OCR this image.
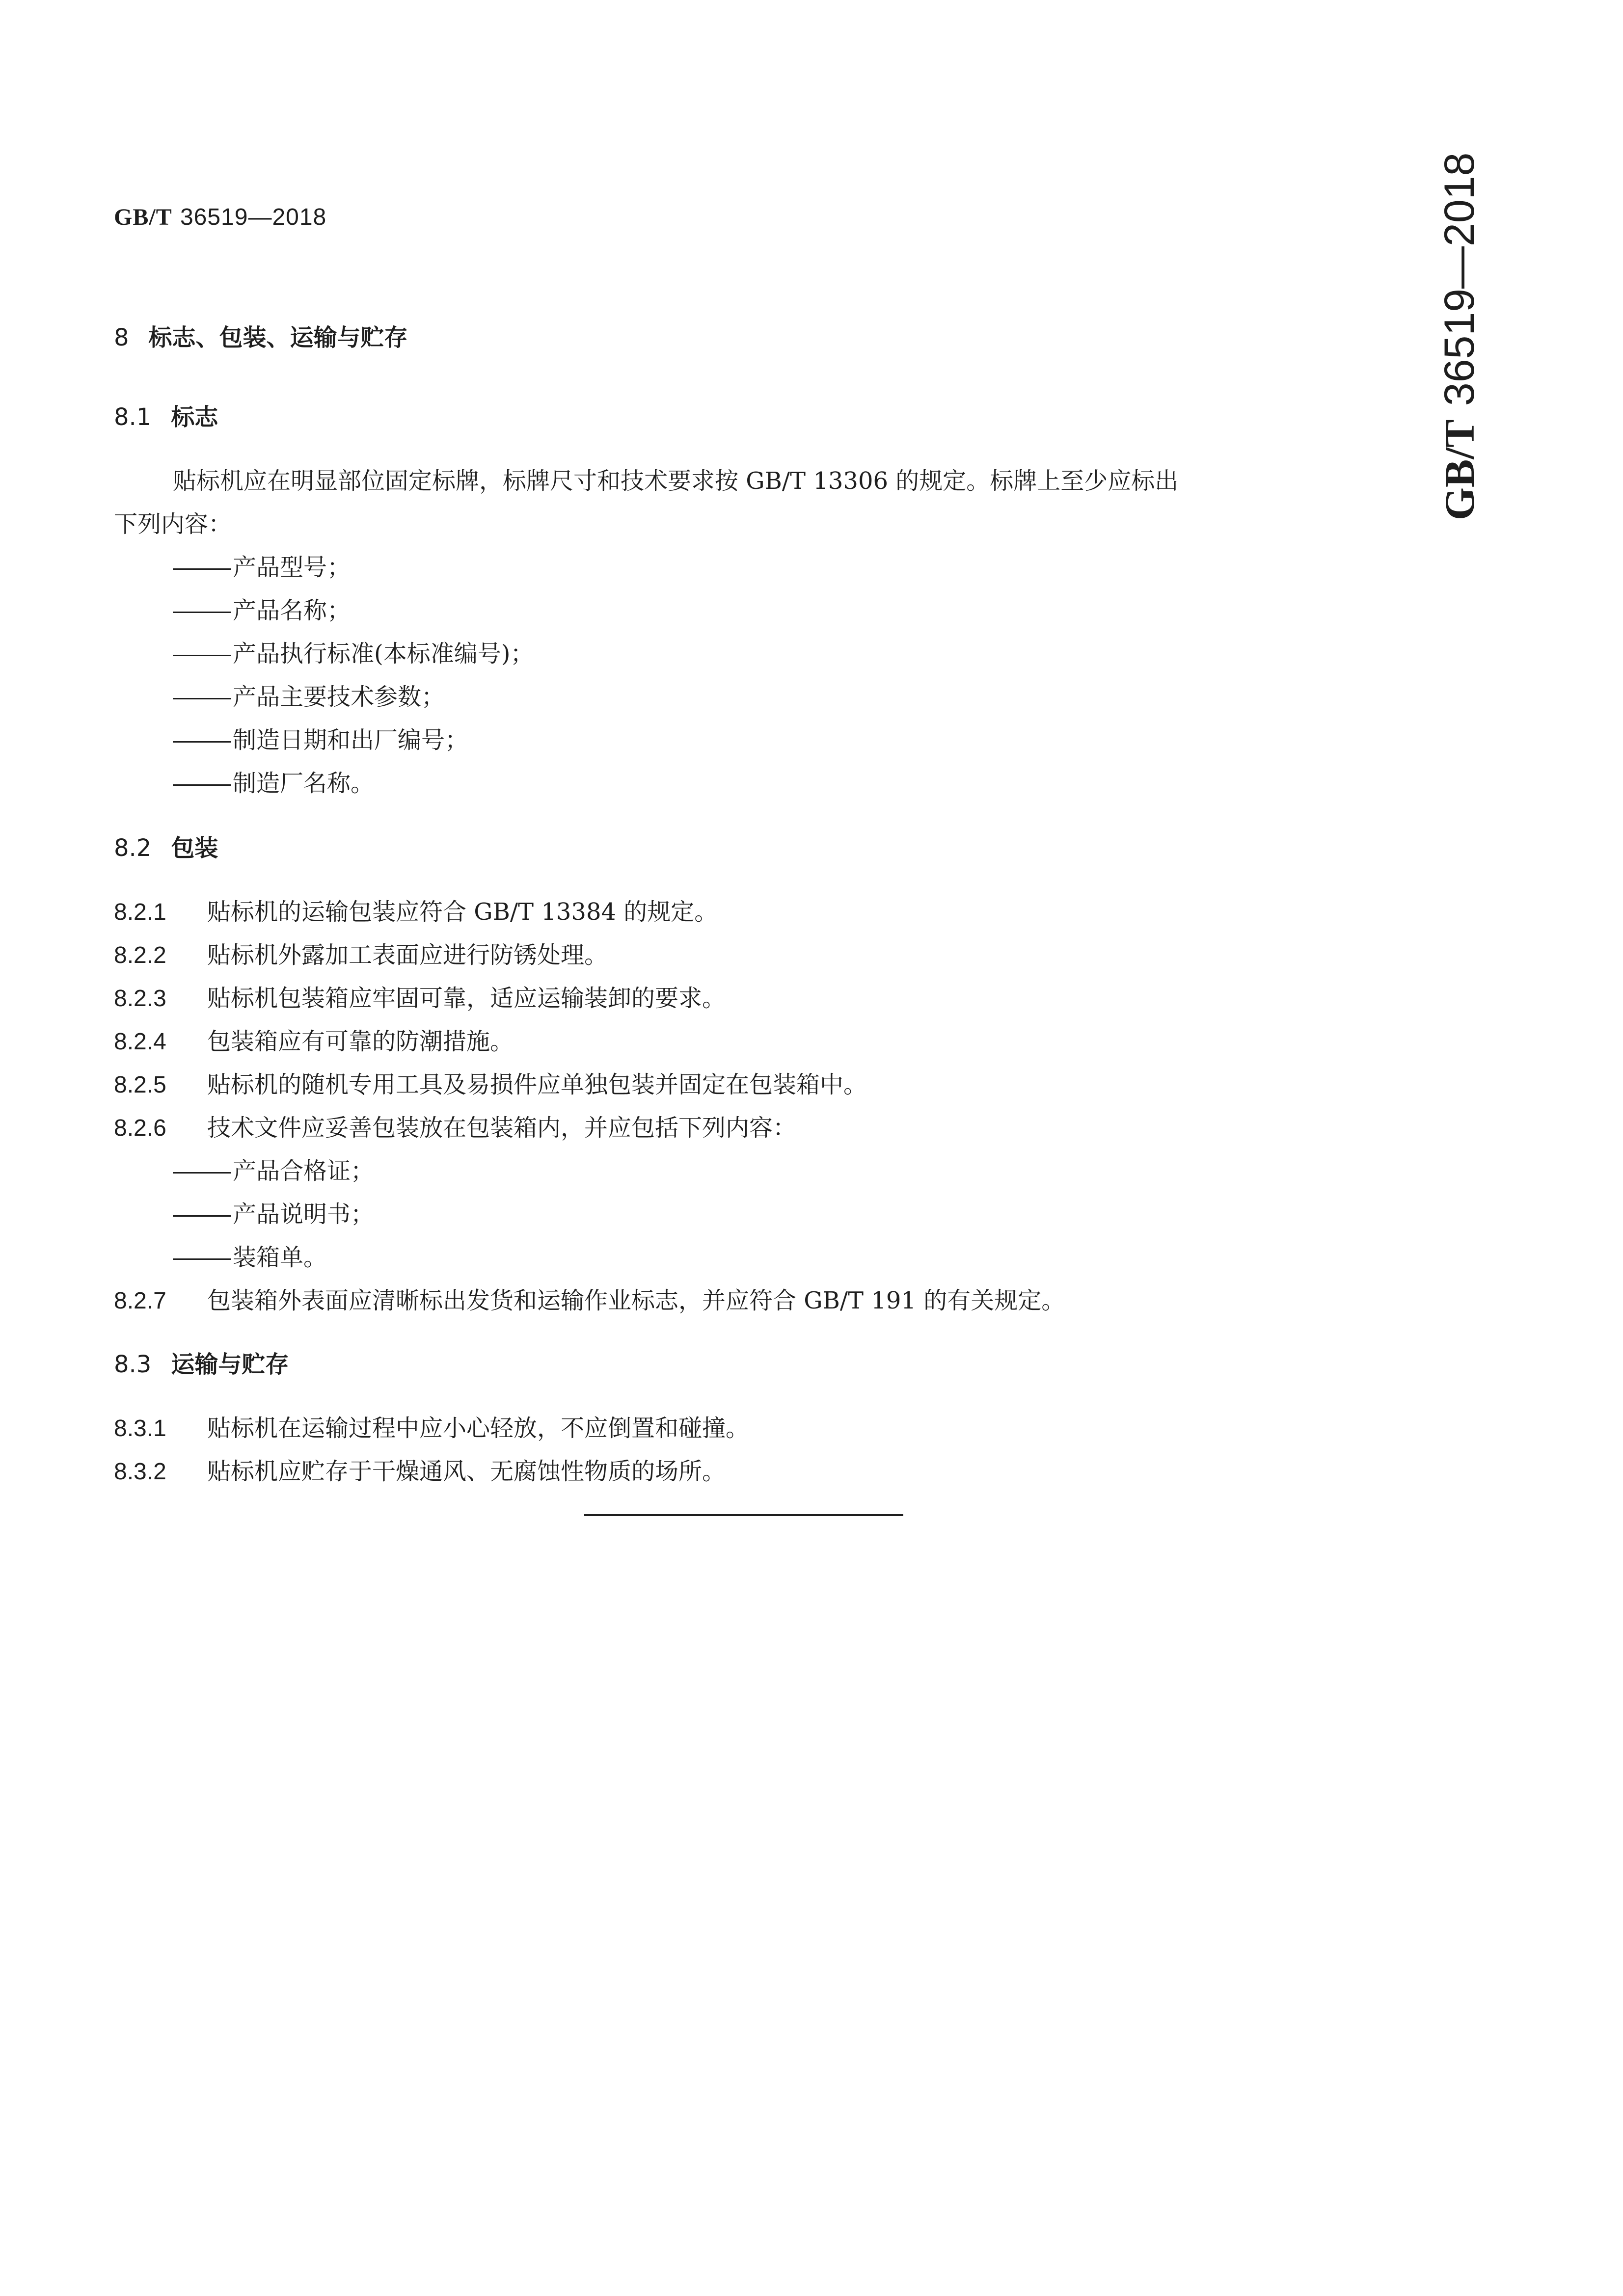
GB/T 36519—2018
GB/T 36519—2018
8 标志、包装、运输与贮存
8.1 标志
贴标机应在明显部位固定标牌，标牌尺寸和技术要求按 GB/T 13306 的规定。标牌上至少应标出
下列内容：
产品型号；
产品名称；
产品执行标准(本标准编号)；
产品主要技术参数；
制造日期和出厂编号；
制造厂名称。
8.2 包装
8.2.1 贴标机的运输包装应符合 GB/T 13384 的规定。
8.2.2 贴标机外露加工表面应进行防锈处理。
8.2.3 贴标机包装箱应牢固可靠，适应运输装卸的要求。
8.2.4 包装箱应有可靠的防潮措施。
8.2.5 贴标机的随机专用工具及易损件应单独包装并固定在包装箱中。
8.2.6 技术文件应妥善包装放在包装箱内，并应包括下列内容：
产品合格证；
产品说明书；
装箱单。
8.2.7 包装箱外表面应清晰标出发货和运输作业标志，并应符合 GB/T 191 的有关规定。
8.3 运输与贮存
8.3.1 贴标机在运输过程中应小心轻放，不应倒置和碰撞。
8.3.2 贴标机应贮存于干燥通风、无腐蚀性物质的场所。
